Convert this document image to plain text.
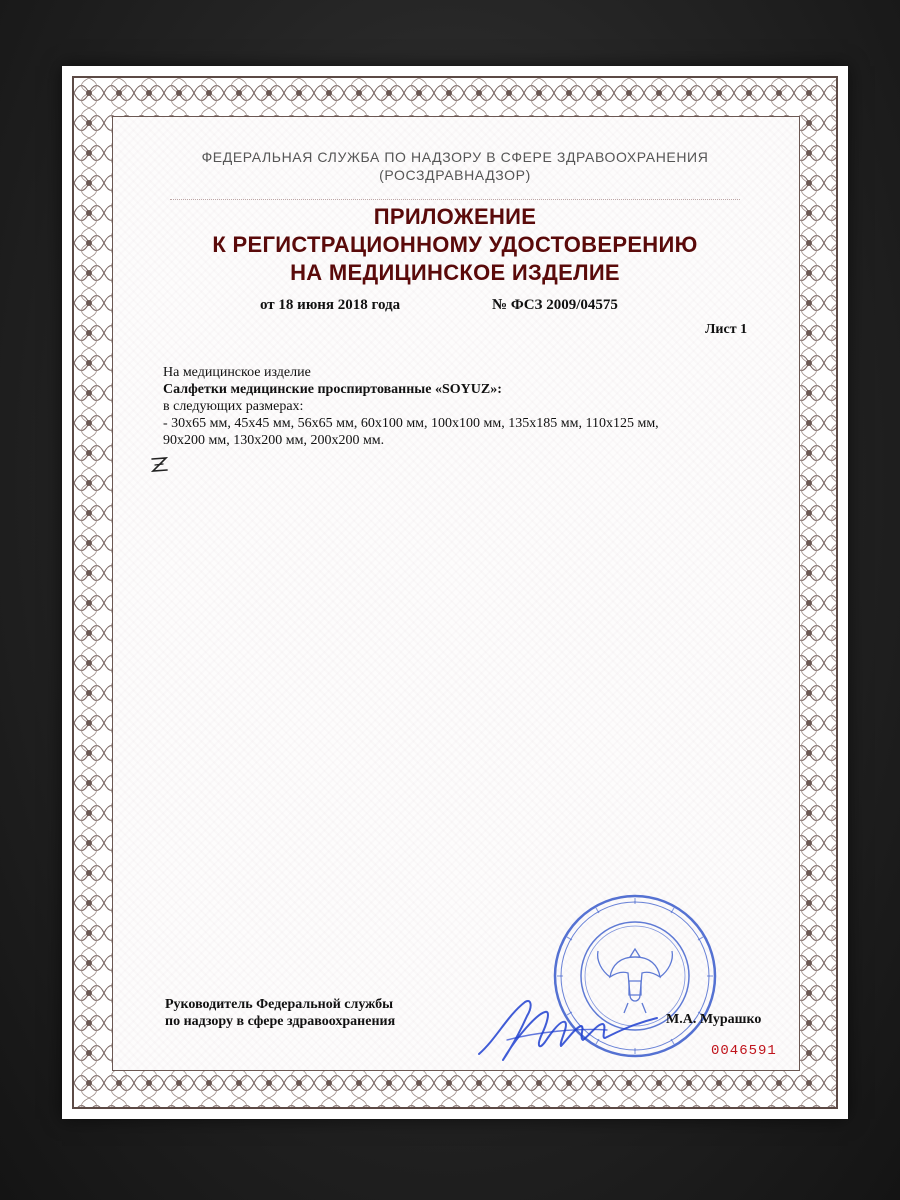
ФЕДЕРАЛЬНАЯ СЛУЖБА ПО НАДЗОРУ В СФЕРЕ ЗДРАВООХРАНЕНИЯ
(РОСЗДРАВНАДЗОР)
ПРИЛОЖЕНИЕ
К РЕГИСТРАЦИОННОМУ УДОСТОВЕРЕНИЮ
НА МЕДИЦИНСКОЕ ИЗДЕЛИЕ
от 18 июня 2018 года	№ ФСЗ 2009/04575
Лист 1
На медицинское изделие
Салфетки медицинские проспиртованные «SOYUZ»:
в следующих размерах:
- 30x65 мм, 45x45 мм, 56x65 мм, 60x100 мм, 100x100 мм, 135x185 мм, 110x125 мм,
90x200 мм, 130x200 мм, 200x200 мм.
Руководитель Федеральной службы
по надзору в сфере здравоохранения	М.А. Мурашко
0046591
